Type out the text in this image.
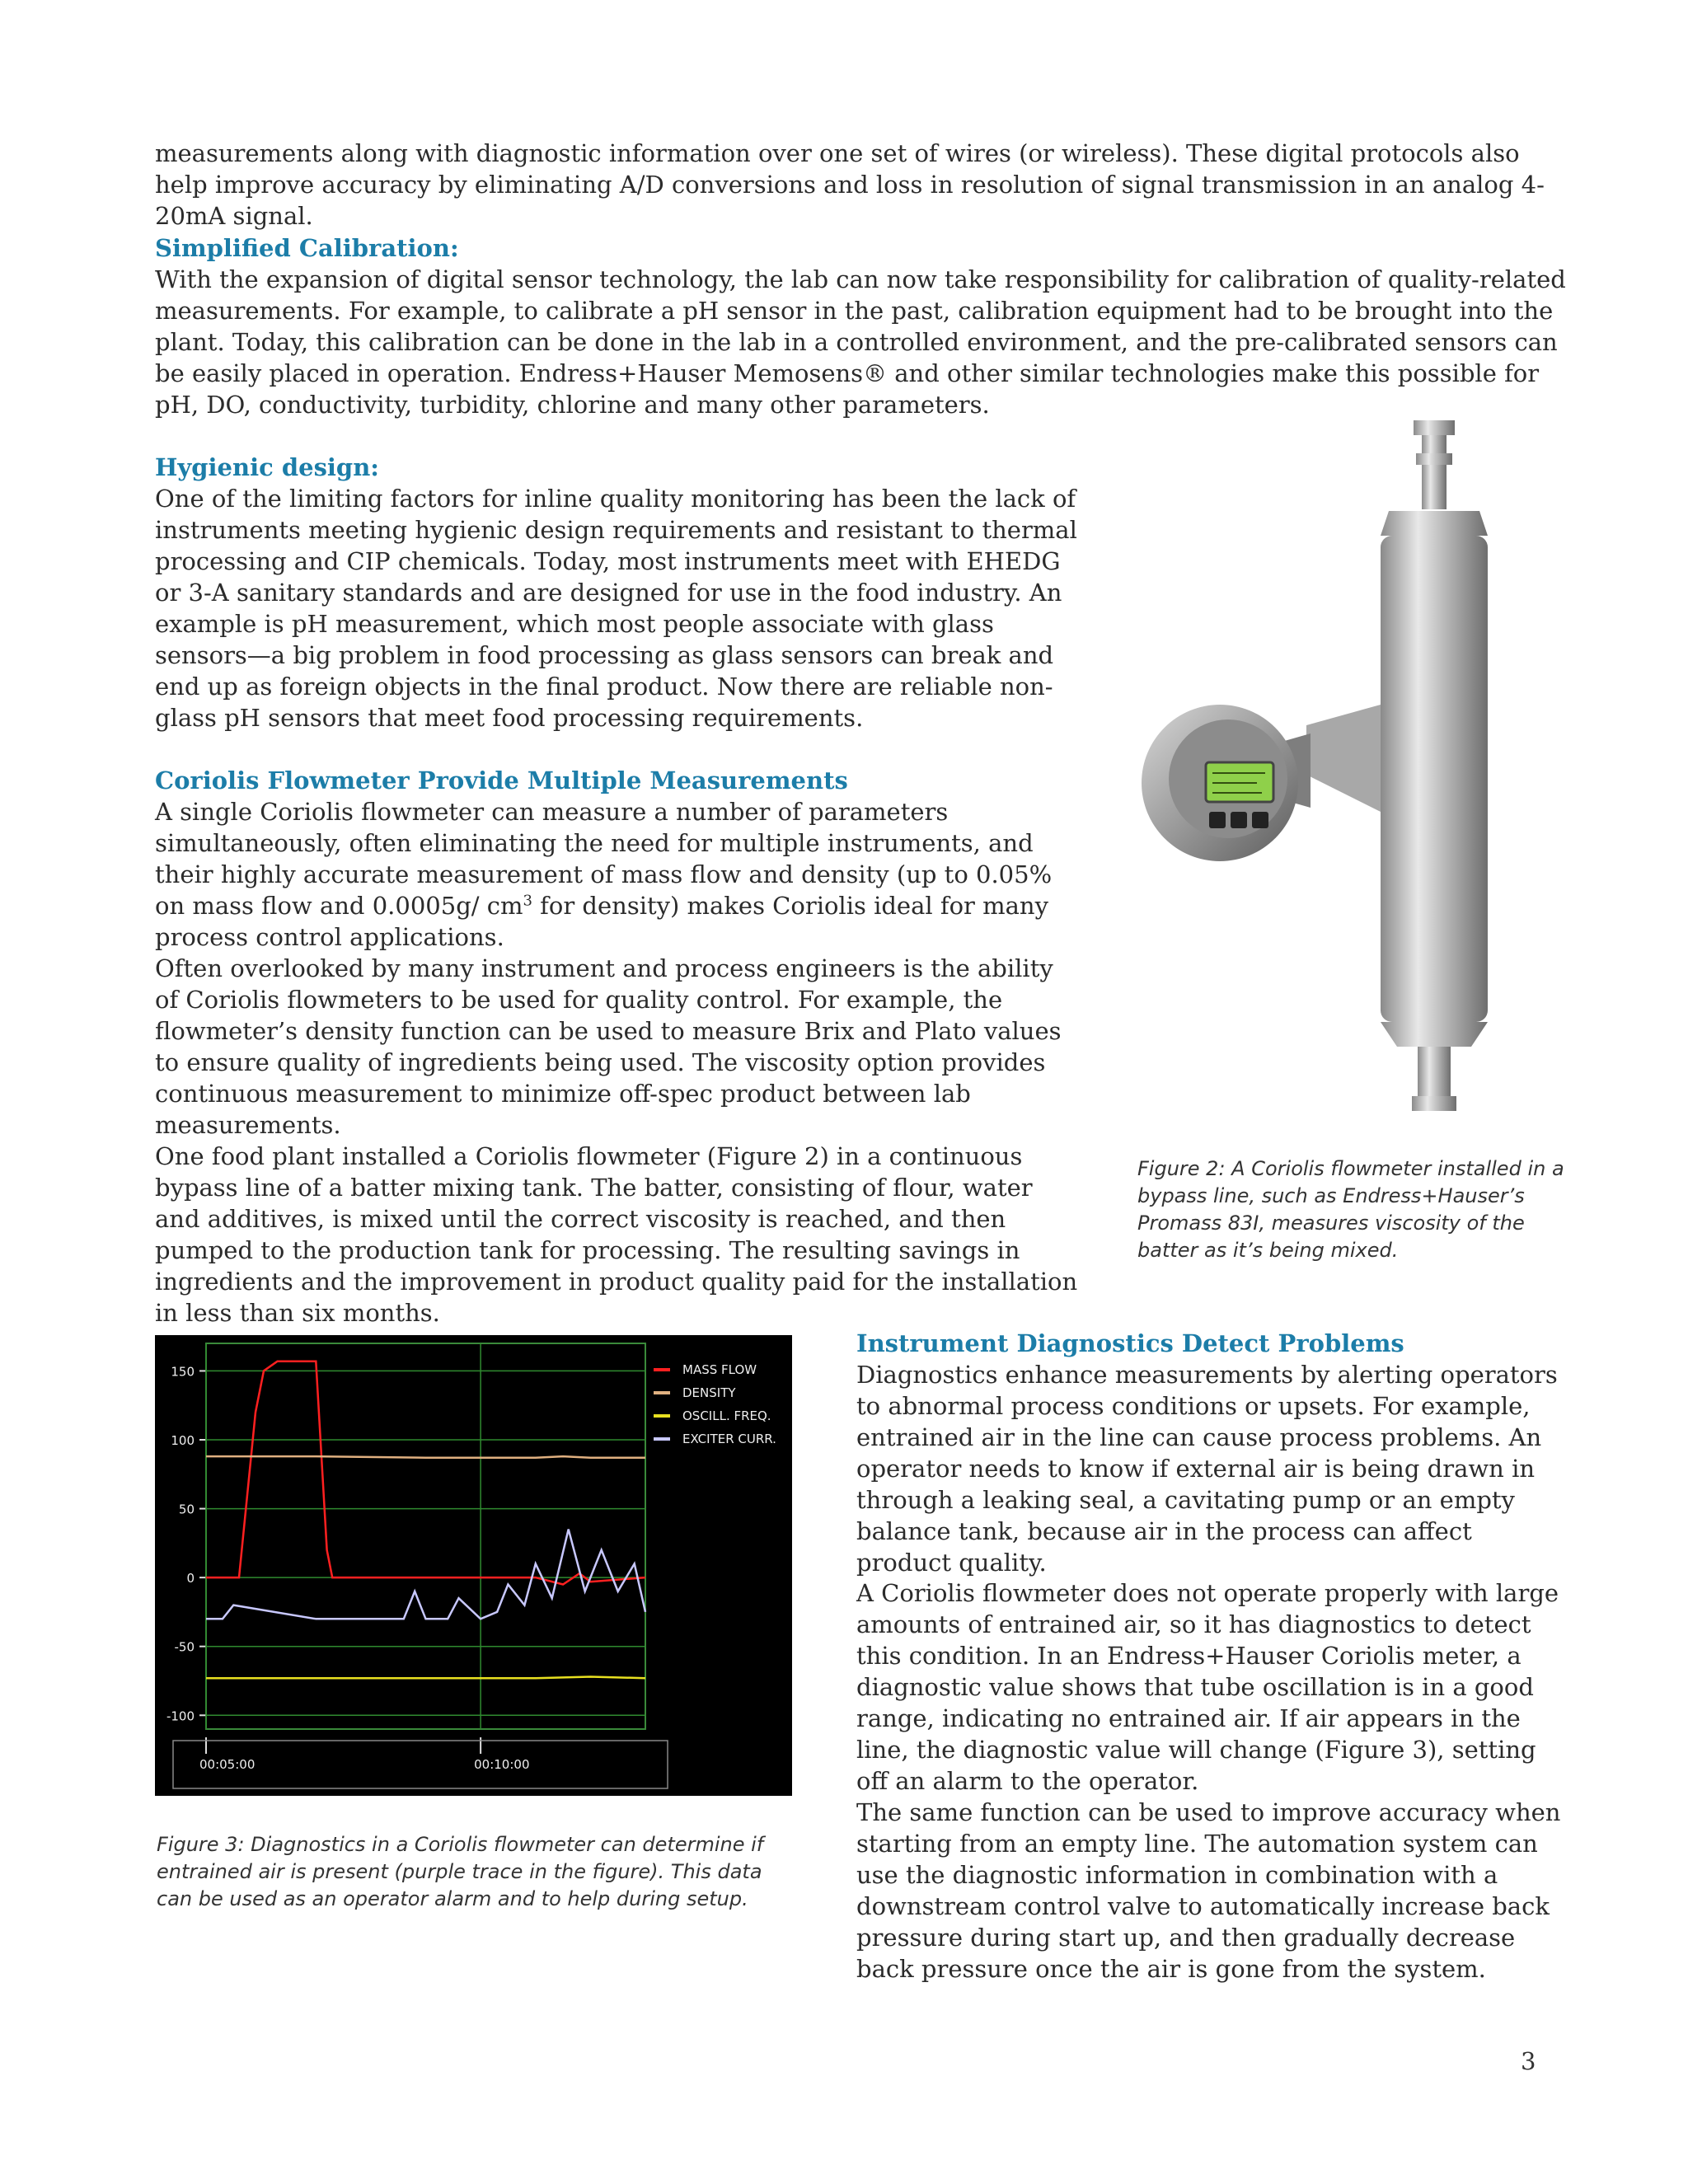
measurements along with diagnostic information over one set of wires (or wireless). These digital protocols also help improve accuracy by eliminating A/D conversions and loss in resolution of signal transmission in an analog 4-20mA signal.

Simplified Calibration:

With the expansion of digital sensor technology, the lab can now take responsibility for calibration of quality-related measurements. For example, to calibrate a pH sensor in the past, calibration equipment had to be brought into the plant. Today, this calibration can be done in the lab in a controlled environment, and the pre-calibrated sensors can be easily placed in operation. Endress+Hauser Memosens® and other similar technologies make this possible for pH, DO, conductivity, turbidity, chlorine and many other parameters.

Hygienic design:

One of the limiting factors for inline quality monitoring has been the lack of instruments meeting hygienic design requirements and resistant to thermal processing and CIP chemicals. Today, most instruments meet with EHEDG or 3-A sanitary standards and are designed for use in the food industry. An example is pH measurement, which most people associate with glass sensors—a big problem in food processing as glass sensors can break and end up as foreign objects in the final product. Now there are reliable non-glass pH sensors that meet food processing requirements.

Coriolis Flowmeter Provide Multiple Measurements

A single Coriolis flowmeter can measure a number of parameters simultaneously, often eliminating the need for multiple instruments, and their highly accurate measurement of mass flow and density (up to 0.05% on mass flow and 0.0005g/ $cm^3$ for density) makes Coriolis ideal for many process control applications.

Often overlooked by many instrument and process engineers is the ability of Coriolis flowmeters to be used for quality control. For example, the flowmeter’s density function can be used to measure Brix and Plato values to ensure quality of ingredients being used. The viscosity option provides continuous measurement to minimize off-spec product between lab measurements.

One food plant installed a Coriolis flowmeter (Figure 2) in a continuous bypass line of a batter mixing tank. The batter, consisting of flour, water and additives, is mixed until the correct viscosity is reached, and then pumped to the production tank for processing. The resulting savings in ingredients and the improvement in product quality paid for the installation in less than six months.

Figure 2: A Coriolis flowmeter installed in a bypass line, such as Endress+Hauser’s Promass 83I, measures viscosity of the batter as it’s being mixed.

150
100
50
0
-50
-100
00:05:00	00:10:00
MASS FLOW
DENSITY
OSCILL. FREQ.
EXCITER CURR.

Figure 3: Diagnostics in a Coriolis flowmeter can determine if entrained air is present (purple trace in the figure). This data can be used as an operator alarm and to help during setup.

Instrument Diagnostics Detect Problems

Diagnostics enhance measurements by alerting operators to abnormal process conditions or upsets. For example, entrained air in the line can cause process problems. An operator needs to know if external air is being drawn in through a leaking seal, a cavitating pump or an empty balance tank, because air in the process can affect product quality.

A Coriolis flowmeter does not operate properly with large amounts of entrained air, so it has diagnostics to detect this condition. In an Endress+Hauser Coriolis meter, a diagnostic value shows that tube oscillation is in a good range, indicating no entrained air. If air appears in the line, the diagnostic value will change (Figure 3), setting off an alarm to the operator.

The same function can be used to improve accuracy when starting from an empty line. The automation system can use the diagnostic information in combination with a downstream control valve to automatically increase back pressure during start up, and then gradually decrease back pressure once the air is gone from the system.

3
